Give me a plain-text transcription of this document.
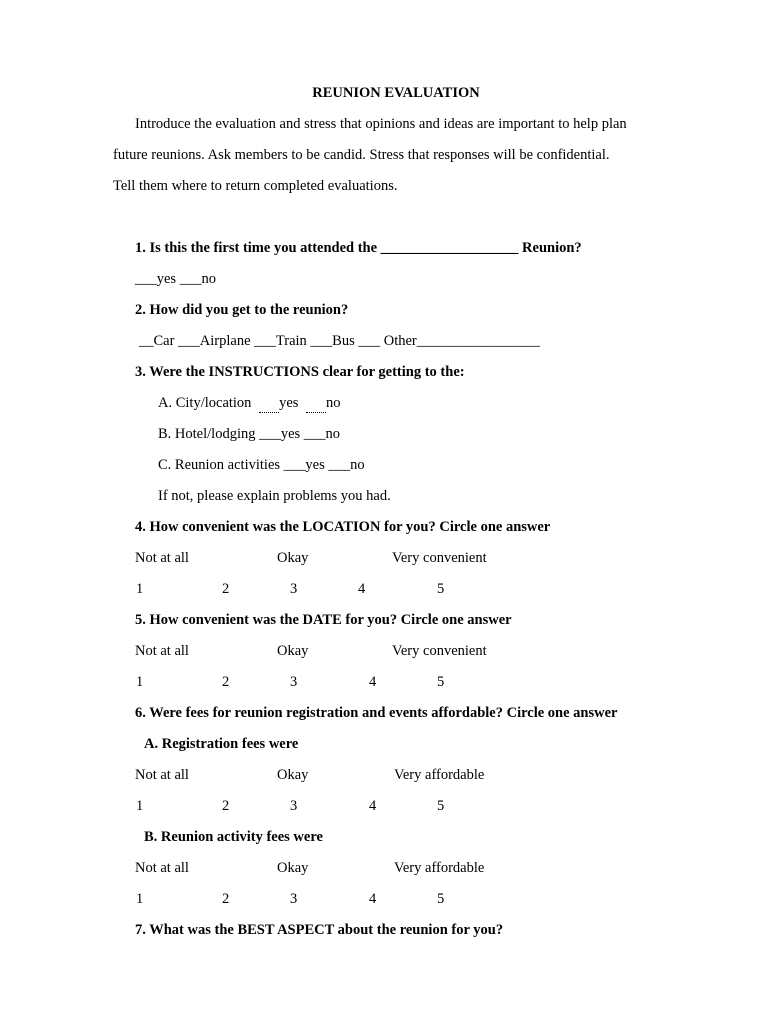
REUNION EVALUATION
Introduce the evaluation and stress that opinions and ideas are important to help plan
future reunions. Ask members to be candid. Stress that responses will be confidential.
Tell them where to return completed evaluations.
1. Is this the first time you attended the ___________________ Reunion?
___yes ___no
2. How did you get to the reunion?
__Car ___Airplane ___Train ___Bus ___ Other_________________
3. Were the INSTRUCTIONS clear for getting to the:
A. City/location yes no
B. Hotel/lodging ___yes ___no
C. Reunion activities ___yes ___no
If not, please explain problems you had.
4. How convenient was the LOCATION for you? Circle one answer
Not at all	Okay	Very convenient
1	2	3	4	5
5. How convenient was the DATE for you? Circle one answer
Not at all	Okay	Very convenient
1	2	3	4	5
6. Were fees for reunion registration and events affordable? Circle one answer
A. Registration fees were
Not at all	Okay	Very affordable
1	2	3	4	5
B. Reunion activity fees were
Not at all	Okay	Very affordable
1	2	3	4	5
7. What was the BEST ASPECT about the reunion for you?
